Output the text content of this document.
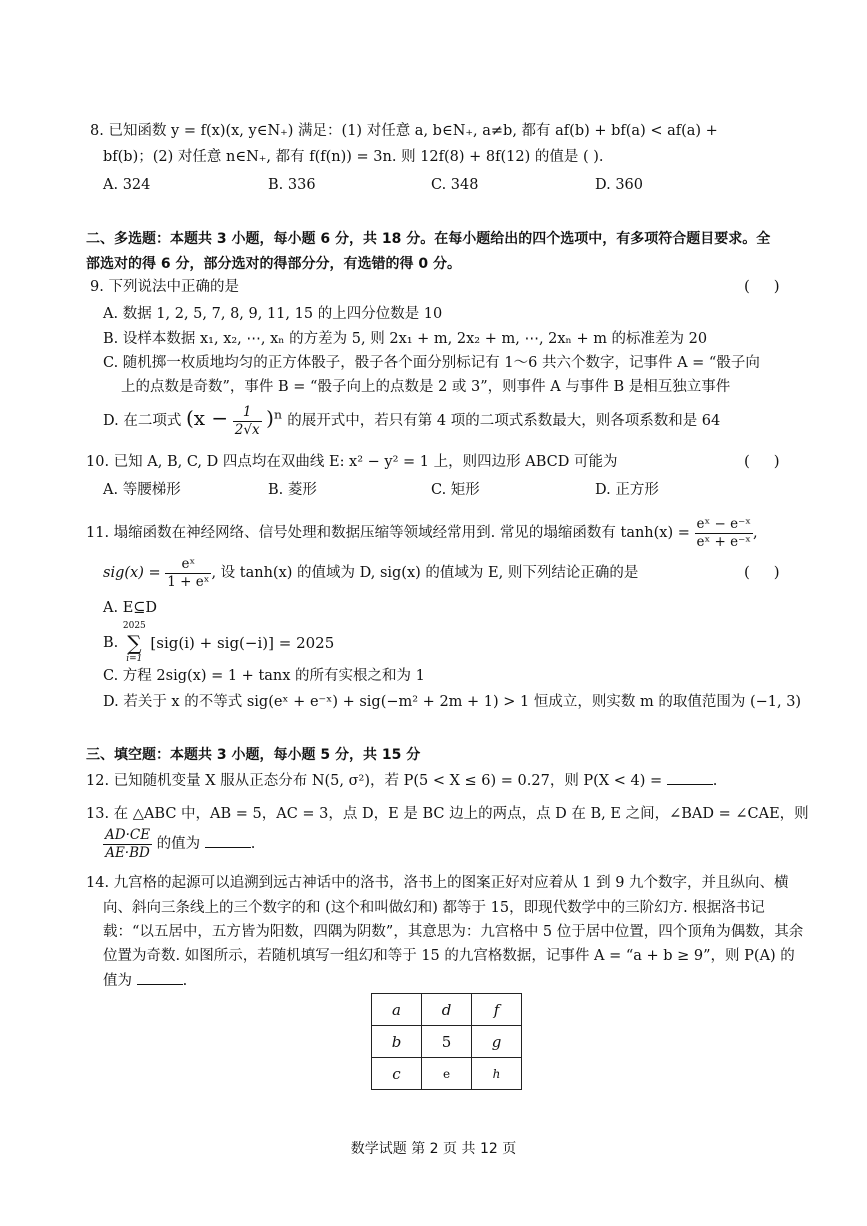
8. 已知函数 y = f(x)(x, y∈N₊) 满足：(1) 对任意 a, b∈N₊, a≠b, 都有 af(b) + bf(a) < af(a) +
bf(b)；(2) 对任意 n∈N₊, 都有 f(f(n)) = 3n. 则 12f(8) + 8f(12) 的值是 ( ).
A. 324	B. 336	C. 348	D. 360
二、多选题：本题共 3 小题，每小题 6 分，共 18 分。在每小题给出的四个选项中，有多项符合题目要求。全
部选对的得 6 分，部分选对的得部分分，有选错的得 0 分。
9. 下列说法中正确的是	(     )
A. 数据 1, 2, 5, 7, 8, 9, 11, 15 的上四分位数是 10
B. 设样本数据 x₁, x₂, ⋯, xₙ 的方差为 5, 则 2x₁ + m, 2x₂ + m, ⋯, 2xₙ + m 的标准差为 20
C. 随机掷一枚质地均匀的正方体骰子，骰子各个面分别标记有 1～6 共六个数字，记事件 A = “骰子向
上的点数是奇数”，事件 B = “骰子向上的点数是 2 或 3”，则事件 A 与事件 B 是相互独立事件
D. 在二项式 $(x - \frac{1}{2√x} )^n$ 的展开式中，若只有第 4 项的二项式系数最大，则各项系数和是 64
10. 已知 A, B, C, D 四点均在双曲线 E: x² − y² = 1 上，则四边形 ABCD 可能为	(     )
A. 等腰梯形	B. 菱形	C. 矩形	D. 正方形
11. 塌缩函数在神经网络、信号处理和数据压缩等领域经常用到. 常见的塌缩函数有 $\tanh(x) = \frac{\text{eˣ − e⁻ˣ}}{\text{eˣ + e⁻ˣ}}$ ,
$sig(x) = \frac{\text{eˣ}}{\text{1 + eˣ}}$ , 设 tanh(x) 的值域为 D, sig(x) 的值域为 E, 则下列结论正确的是	(     )
A. E⊆D
B.
2025
∑
i=1
[sig(i) + sig(−i)] = 2025
C. 方程 2sig(x) = 1 + tanx 的所有实根之和为 1
D. 若关于 x 的不等式 sig(eˣ + e⁻ˣ) + sig(−m² + 2m + 1) > 1 恒成立，则实数 m 的取值范围为 (−1, 3)
三、填空题：本题共 3 小题，每小题 5 分，共 15 分
12. 已知随机变量 X 服从正态分布 N(5, σ²)，若 P(5 < X ≤ 6) = 0.27，则 P(X < 4) =	.
13. 在 △ABC 中，AB = 5，AC = 3，点 D，E 是 BC 边上的两点，点 D 在 B, E 之间，∠BAD = ∠CAE，则
$\frac{AD\cdot CE}{AE\cdot BD}$ 的值为	.
14. 九宫格的起源可以追溯到远古神话中的洛书，洛书上的图案正好对应着从 1 到 9 九个数字，并且纵向、横
向、斜向三条线上的三个数字的和 (这个和叫做幻和) 都等于 15，即现代数学中的三阶幻方. 根据洛书记
载：“以五居中，五方皆为阳数，四隅为阴数”，其意思为：九宫格中 5 位于居中位置，四个顶角为偶数，其余
位置为奇数. 如图所示，若随机填写一组幻和等于 15 的九宫格数据，记事件 A = “a + b ≥ 9”，则 P(A) 的
值为	.
a	d	f
b	5	g
c	e	h
数学试题 第 2 页 共 12 页
